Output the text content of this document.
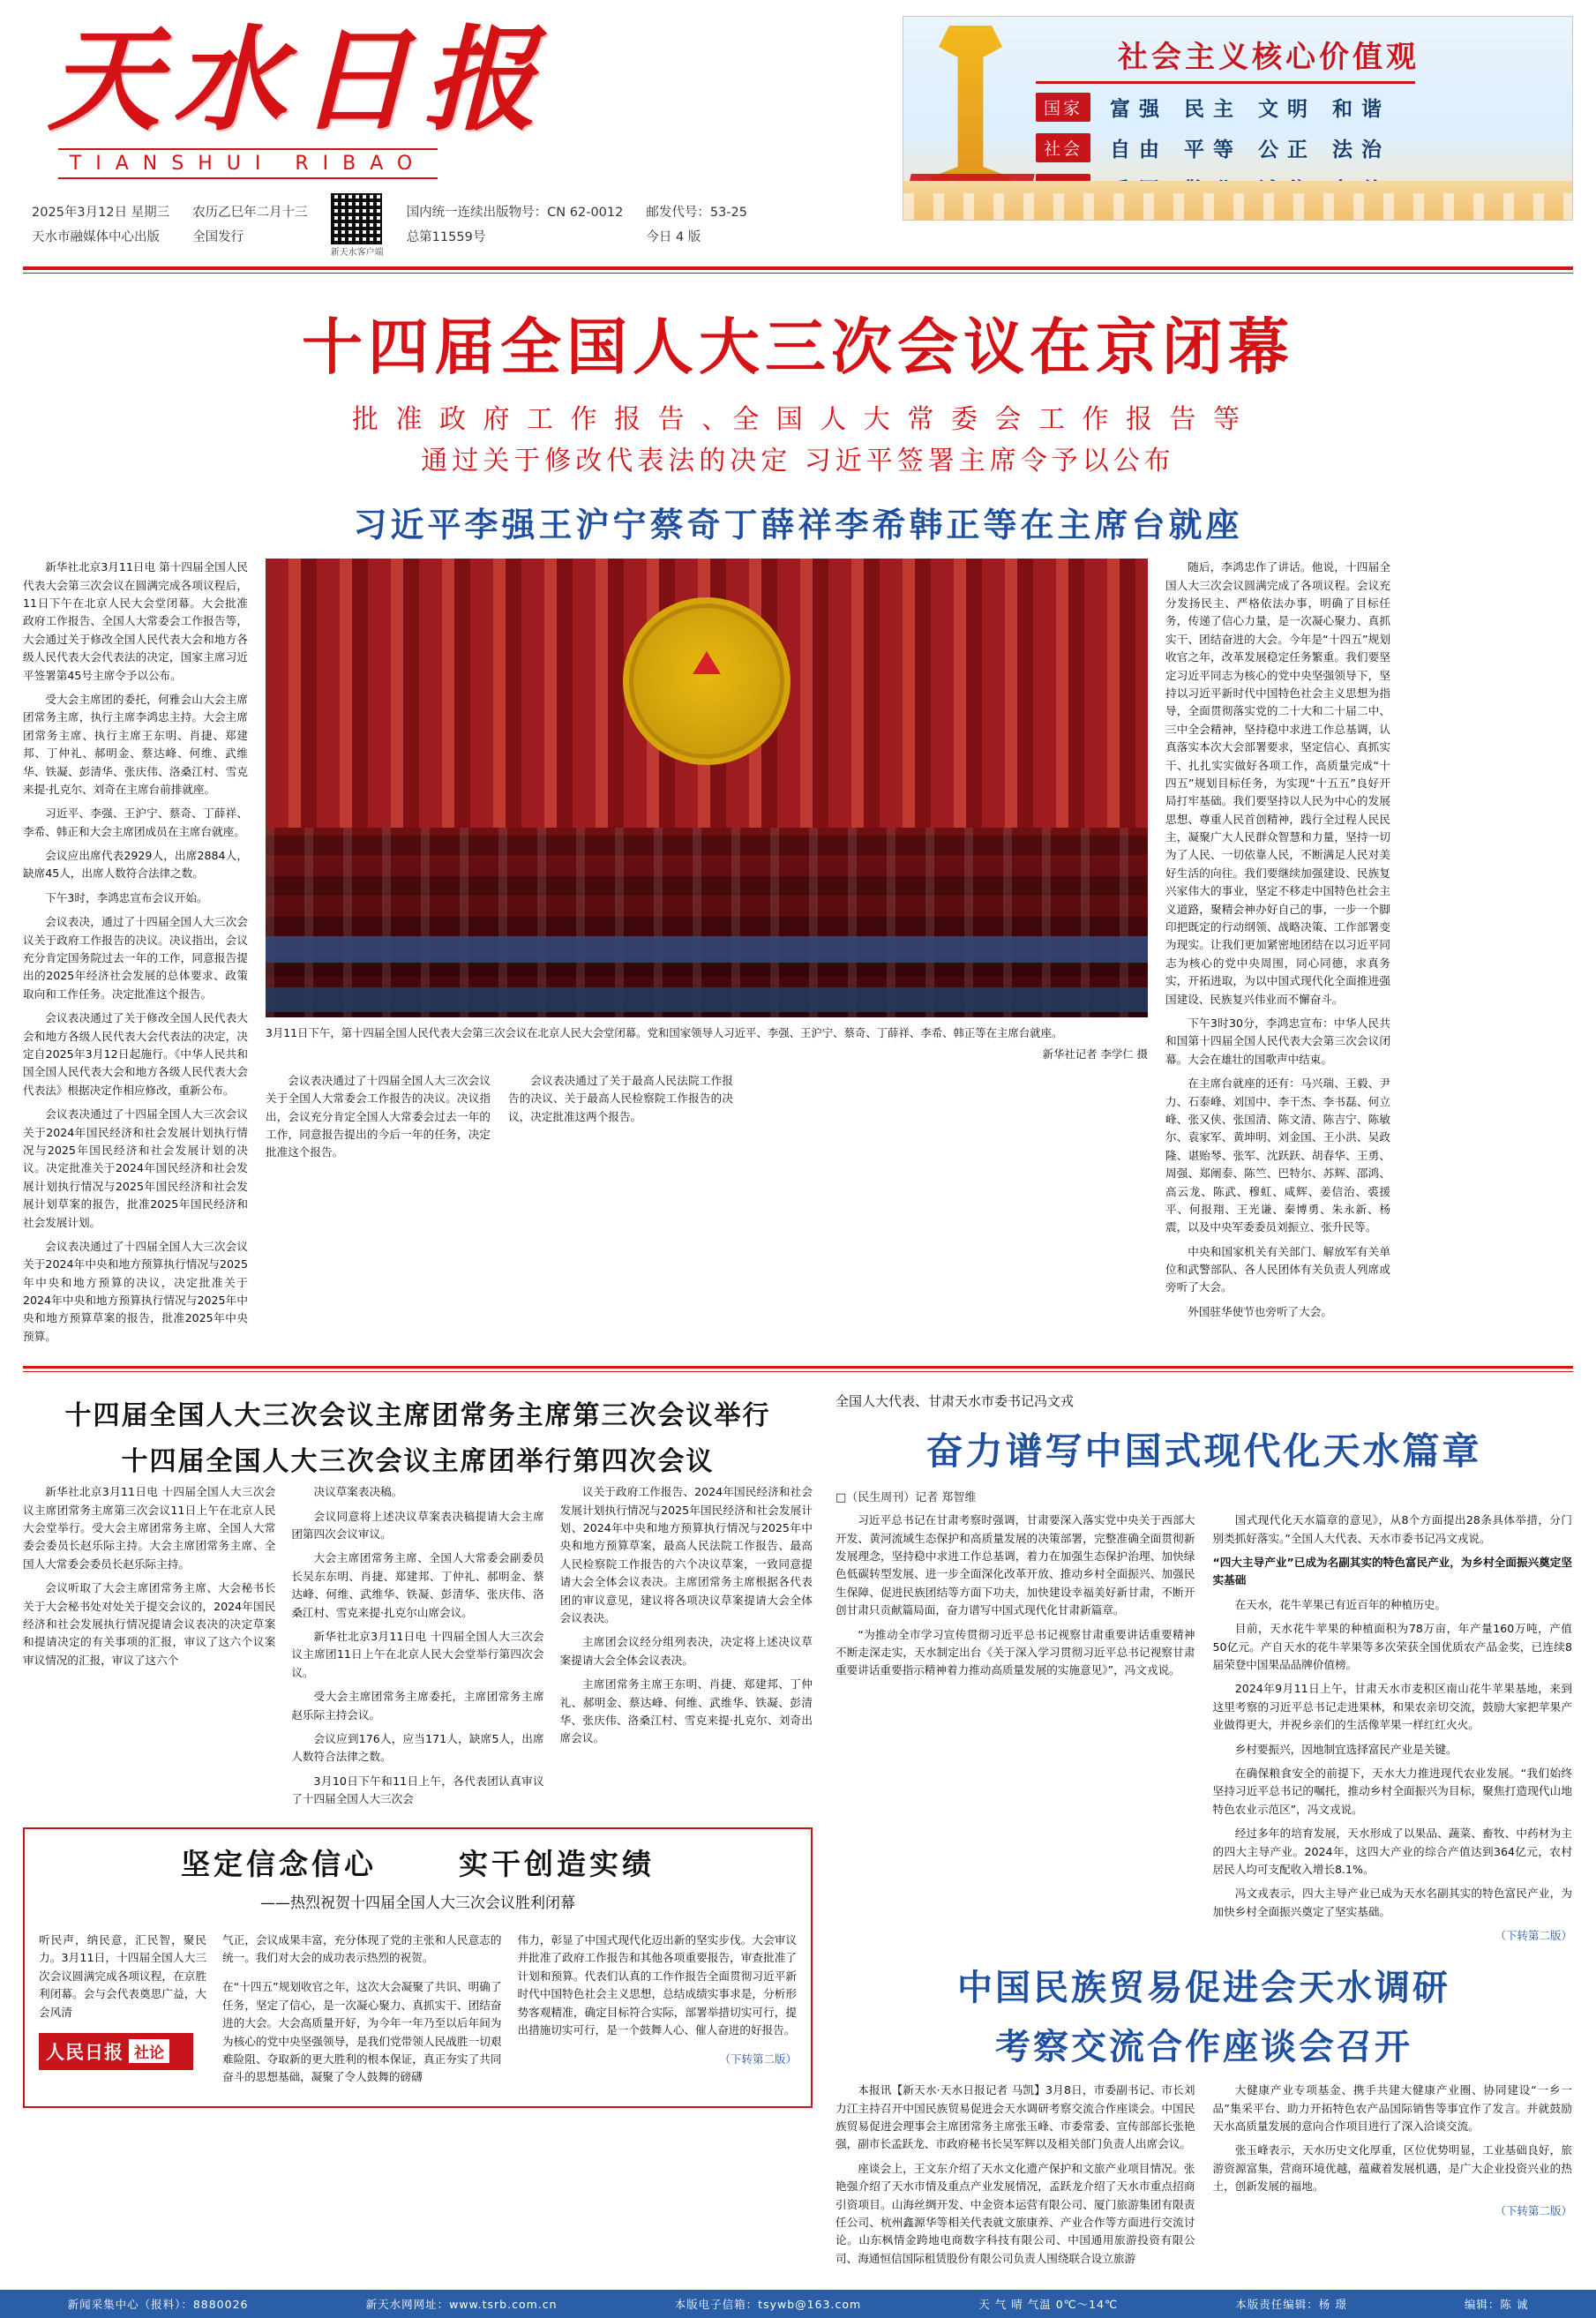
天水日报
TIANSHUI RIBAO
2025年3月12日 星期三
天水市融媒体中心出版
农历乙巳年二月十三
全国发行
新天水客户端
国内统一连续出版物号：CN 62-0012
总第11559号
邮发代号：53-25
今日 4 版
社会主义核心价值观
国家	富强 民主 文明 和谐
社会	自由 平等 公正 法治
十四届全国人大三次会议在京闭幕
批 准 政 府 工 作 报 告 、全 国 人 大 常 委 会 工 作 报 告 等
通过关于修改代表法的决定 习近平签署主席令予以公布
习近平李强王沪宁蔡奇丁薛祥李希韩正等在主席台就座

新华社北京3月11日电 第十四届全国人民代表大会第三次会议在圆满完成各项议程后，11日下午在北京人民大会堂闭幕。大会批准政府工作报告、全国人大常委会工作报告等，大会通过关于修改全国人民代表大会和地方各级人民代表大会代表法的决定，国家主席习近平签署第45号主席令予以公布。

受大会主席团的委托，何雅会山大会主席团常务主席，执行主席李鸿忠主持。大会主席团常务主席、执行主席王东明、肖捷、郑建邦、丁仲礼、郝明金、蔡达峰、何维、武维华、铁凝、彭清华、张庆伟、洛桑江村、雪克来提·扎克尔、刘奇在主席台前排就座。

习近平、李强、王沪宁、蔡奇、丁薛祥、李希、韩正和大会主席团成员在主席台就座。

会议应出席代表2929人，出席2884人，缺席45人，出席人数符合法律之数。

下午3时，李鸿忠宣布会议开始。

会议表决，通过了十四届全国人大三次会议关于政府工作报告的决议。决议指出，会议充分肯定国务院过去一年的工作，同意报告提出的2025年经济社会发展的总体要求、政策取向和工作任务。决定批准这个报告。

会议表决通过了关于修改全国人民代表大会和地方各级人民代表大会代表法的决定，决定自2025年3月12日起施行。《中华人民共和国全国人民代表大会和地方各级人民代表大会代表法》根据决定作相应修改，重新公布。

会议表决通过了十四届全国人大三次会议关于2024年国民经济和社会发展计划执行情况与2025年国民经济和社会发展计划的决议。决定批准关于2024年国民经济和社会发展计划执行情况与2025年国民经济和社会发展计划草案的报告，批准2025年国民经济和社会发展计划。

会议表决通过了十四届全国人大三次会议关于2024年中央和地方预算执行情况与2025年中央和地方预算的决议，决定批准关于2024年中央和地方预算执行情况与2025年中央和地方预算草案的报告，批准2025年中央预算。

3月11日下午，第十四届全国人民代表大会第三次会议在北京人民大会堂闭幕。党和国家领导人习近平、李强、王沪宁、蔡奇、丁薛祥、李希、韩正等在主席台就座。
新华社记者 李学仁 摄

会议表决通过了十四届全国人大三次会议关于全国人大常委会工作报告的决议。决议指出，会议充分肯定全国人大常委会过去一年的工作，同意报告提出的今后一年的任务，决定批准这个报告。

会议表决通过了关于最高人民法院工作报告的决议、关于最高人民检察院工作报告的决议，决定批准这两个报告。

随后，李鸿忠作了讲话。他说，十四届全国人大三次会议圆满完成了各项议程。会议充分发扬民主、严格依法办事，明确了目标任务，传递了信心力量，是一次凝心聚力、真抓实干、团结奋进的大会。今年是“十四五”规划收官之年，改革发展稳定任务繁重。我们要坚定习近平同志为核心的党中央坚强领导下，坚持以习近平新时代中国特色社会主义思想为指导，全面贯彻落实党的二十大和二十届二中、三中全会精神，坚持稳中求进工作总基调，认真落实本次大会部署要求，坚定信心、真抓实干、扎扎实实做好各项工作，高质量完成“十四五”规划目标任务，为实现“十五五”良好开局打牢基础。我们要坚持以人民为中心的发展思想、尊重人民首创精神，践行全过程人民民主，凝聚广大人民群众智慧和力量，坚持一切为了人民、一切依靠人民，不断满足人民对美好生活的向往。我们要继续加强建设、民族复兴家伟大的事业，坚定不移走中国特色社会主义道路，聚精会神办好自己的事，一步一个脚印把既定的行动纲领、战略决策、工作部署变为现实。让我们更加紧密地团结在以习近平同志为核心的党中央周围，同心同德，求真务实，开拓进取，为以中国式现代化全面推进强国建设、民族复兴伟业而不懈奋斗。

下午3时30分，李鸿忠宣布：中华人民共和国第十四届全国人民代表大会第三次会议闭幕。大会在雄壮的国歌声中结束。

在主席台就座的还有：马兴瑞、王毅、尹力、石泰峰、刘国中、李干杰、李书磊、何立峰、张又侠、张国清、陈文清、陈吉宁、陈敏尔、袁家军、黄坤明、刘金国、王小洪、吴政隆、谌贻琴、张军、沈跃跃、胡春华、王勇、周强、郑阐泰、陈竺、巴特尔、苏辉、邵鸿、高云龙、陈武、穆虹、咸辉、姜信治、裘援平、何报翔、王光谦、秦博勇、朱永新、杨震，以及中央军委委员刘振立、张升民等。

中央和国家机关有关部门、解放军有关单位和武警部队、各人民团体有关负责人列席或旁听了大会。

外国驻华使节也旁听了大会。

十四届全国人大三次会议主席团常务主席第三次会议举行
十四届全国人大三次会议主席团举行第四次会议

新华社北京3月11日电 十四届全国人大三次会议主席团常务主席第三次会议11日上午在北京人民大会堂举行。受大会主席团常务主席、全国人大常委会委员长赵乐际主持。大会主席团常务主席、全国人大常委会委员长赵乐际主持。

会议听取了大会主席团常务主席、大会秘书长关于大会秘书处对处关于提交会议的，2024年国民经济和社会发展执行情况提请会议表决的决定草案和提请决定的有关事项的汇报，审议了这六个议案审议情况的汇报，审议了这六个

决议草案表决稿。

会议同意将上述决议草案表决稿提请大会主席团第四次会议审议。

大会主席团常务主席、全国人大常委会副委员长吴东东明、肖捷、郑建邦、丁仲礼、郝明金、蔡达峰、何维、武维华、铁凝、彭清华、张庆伟、洛桑江村、雪克来提·扎克尔山席会议。

新华社北京3月11日电 十四届全国人大三次会议主席团11日上午在北京人民大会堂举行第四次会议。

受大会主席团常务主席委托，主席团常务主席赵乐际主持会议。

会议应到176人，应当171人，缺席5人，出席人数符合法律之数。

3月10日下午和11日上午，各代表团认真审议了十四届全国人大三次会

议关于政府工作报告、2024年国民经济和社会发展计划执行情况与2025年国民经济和社会发展计划、2024年中央和地方预算执行情况与2025年中央和地方预算草案，最高人民法院工作报告、最高人民检察院工作报告的六个决议草案，一致同意提请大会全体会议表决。主席团常务主席根据各代表团的审议意见，建议将各项决议草案提请大会全体会议表决。

主席团会议经分组列表决，决定将上述决议草案提请大会全体会议表决。

主席团常务主席王东明、肖捷、郑建邦、丁仲礼、郝明金、蔡达峰、何维、武维华、铁凝、彭清华、张庆伟、洛桑江村、雪克来提·扎克尔、刘奇出席会议。

坚定信念信心	实干创造实绩
——热烈祝贺十四届全国人大三次会议胜利闭幕

听民声，纳民意，汇民智，聚民力。3月11日，十四届全国人大三次会议圆满完成各项议程，在京胜利闭幕。会与会代表奠思广益，大会风清

人民日报 社论

气正，会议成果丰富，充分体现了党的主张和人民意志的统一。我们对大会的成功表示热烈的祝贺。

在“十四五”规划收官之年，这次大会凝聚了共识、明确了任务，坚定了信心，是一次凝心聚力、真抓实干、团结奋进的大会。大会高质量开好，为今年一年乃至以后年间为为核心的党中央坚强领导，是我们党带领人民战胜一切艰难险阻、夺取新的更大胜利的根本保证，真正夯实了共同奋斗的思想基础，凝聚了令人鼓舞的磅礴

伟力，彰显了中国式现代化迈出新的坚实步伐。大会审议并批准了政府工作报告和其他各项重要报告，审查批准了计划和预算。代表们认真的工作作报告全面贯彻习近平新时代中国特色社会主义思想，总结成绩实事求是，分析形势客观精准，确定目标符合实际，部署举措切实可行，提出措施切实可行，是一个鼓舞人心、催人奋进的好报告。

（下转第二版）

全国人大代表、甘肃天水市委书记冯文戎
奋力谱写中国式现代化天水篇章
□（民生周刊）记者 郑智维

习近平总书记在甘肃考察时强调，甘肃要深入落实党中央关于西部大开发、黄河流域生态保护和高质量发展的决策部署，完整准确全面贯彻新发展理念，坚持稳中求进工作总基调，着力在加强生态保护治理、加快绿色低碳转型发展、进一步全面深化改革开放、推动乡村全面振兴、加强民生保障、促进民族团结等方面下功夫，加快建设幸福美好新甘肃，不断开创甘肃只贡献篇局面，奋力谱写中国式现代化甘肃新篇章。

“为推动全市学习宣传贯彻习近平总书记视察甘肃重要讲话重要精神不断走深走实，天水制定出台《关于深入学习贯彻习近平总书记视察甘肃重要讲话重要指示精神着力推动高质量发展的实施意见》”，冯文戎说。

国式现代化天水篇章的意见》，从8个方面提出28条具体举措，分门别类抓好落实。”全国人大代表、天水市委书记冯文戎说。

“四大主导产业”已成为名副其实的特色富民产业，为乡村全面振兴奠定坚实基础

在天水，花牛苹果已有近百年的种植历史。

目前，天水花牛苹果的种植面积为78万亩，年产量160万吨，产值50亿元。产自天水的花牛苹果等多次荣获全国优质农产品金奖，已连续8届荣登中国果品品牌价值榜。

2024年9月11日上午，甘肃天水市麦积区南山花牛苹果基地，来到这里考察的习近平总书记走进果林，和果农亲切交流，鼓励大家把苹果产业做得更大，并祝乡亲们的生活像苹果一样红红火火。

乡村要振兴，因地制宜选择富民产业是关键。

在确保粮食安全的前提下，天水大力推进现代农业发展。“我们始终坚持习近平总书记的嘱托，推动乡村全面振兴为目标，聚焦打造现代山地特色农业示范区”，冯文戎说。

经过多年的培育发展，天水形成了以果品、蔬菜、畜牧、中药材为主的四大主导产业。2024年，这四大产业的综合产值达到364亿元，农村居民人均可支配收入增长8.1%。

冯文戎表示，四大主导产业已成为天水名副其实的特色富民产业，为加快乡村全面振兴奠定了坚实基础。

（下转第二版）

中国民族贸易促进会天水调研
考察交流合作座谈会召开

本报讯【新天水·天水日报记者 马凯】3月8日，市委副书记、市长刘力江主持召开中国民族贸易促进会天水调研考察交流合作座谈会。中国民族贸易促进会理事会主席团常务主席张玉峰、市委常委、宣传部部长张艳强，副市长孟跃龙、市政府秘书长吴军辉以及相关部门负责人出席会议。

座谈会上，王文东介绍了天水文化遗产保护和文旅产业项目情况。张艳强介绍了天水市情及重点产业发展情况，孟跃龙介绍了天水市重点招商引资项目。山海丝绸开发、中金资本运营有限公司、厦门旅游集团有限责任公司、杭州鑫源华等相关代表就文旅康养、产业合作等方面进行交流讨论。山东枫情金跨地电商数字科技有限公司、中国通用旅游投资有限公司、海通恒信国际租赁股份有限公司负责人围绕联合设立旅游

大健康产业专项基金、携手共建大健康产业圈、协同建设“一乡一品”集采平台、助力开拓特色农产品国际销售等事宜作了发言。并就鼓励天水高质量发展的意向合作项目进行了深入洽谈交流。

张玉峰表示，天水历史文化厚重，区位优势明显，工业基础良好，旅游资源富集，营商环境优越，蕴藏着发展机遇，是广大企业投资兴业的热土，创新发展的福地。

（下转第二版）

新闻采集中心（报料）：8880026	新天水网网址：www.tsrb.com.cn	本版电子信箱：tsywb@163.com	天 气 晴 气温 0℃～14℃	本版责任编辑：杨 璟	编辑：陈 诚
